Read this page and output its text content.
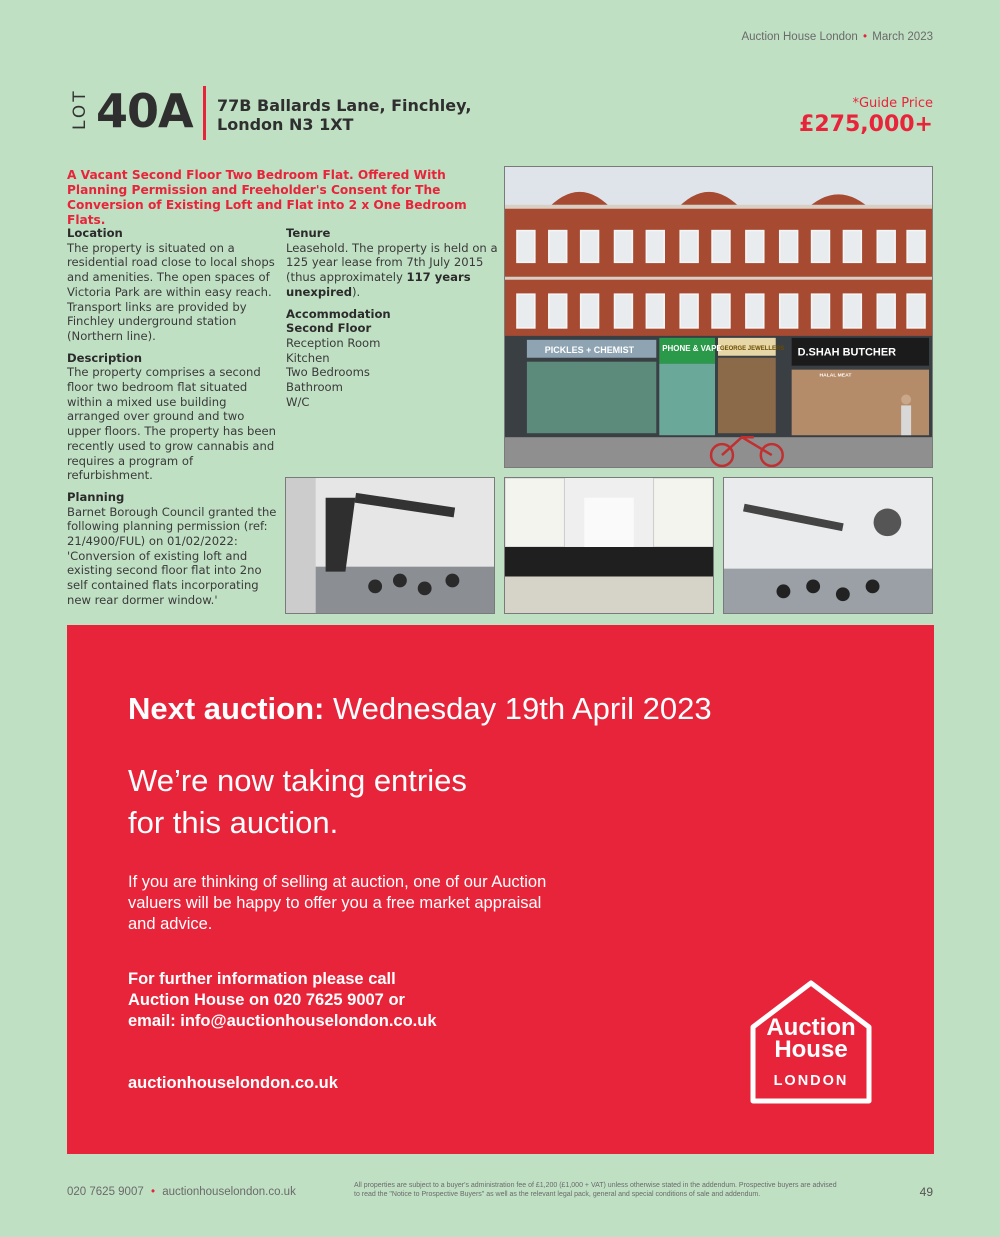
Auction House London • March 2023
LOT 40A 77B Ballards Lane, Finchley,
London N3 1XT
*Guide Price
£275,000+
A Vacant Second Floor Two Bedroom Flat. Offered With Planning Permission and Freeholder's Consent for The Conversion of Existing Loft and Flat into 2 x One Bedroom Flats.
Location
The property is situated on a residential road close to local shops and amenities. The open spaces of Victoria Park are within easy reach. Transport links are provided by Finchley underground station (Northern line).
Description
The property comprises a second floor two bedroom flat situated within a mixed use building arranged over ground and two upper floors. The property has been recently used to grow cannabis and requires a program of refurbishment.
Planning
Barnet Borough Council granted the following planning permission (ref: 21/4900/FUL) on 01/02/2022: 'Conversion of existing loft and existing second floor flat into 2no self contained flats incorporating new rear dormer window.'
Tenure
Leasehold. The property is held on a 125 year lease from 7th July 2015 (thus approximately 117 years unexpired).
Accommodation
Second Floor
Reception Room
Kitchen
Two Bedrooms
Bathroom
W/C
PICKLES + CHEMIST	PHONE & VAPE
GEORGE JEWELLERS D.SHAH BUTCHER
HALAL MEAT
Next auction: Wednesday 19th April 2023
We’re now taking entries
for this auction.
If you are thinking of selling at auction, one of our Auction valuers will be happy to offer you a free market appraisal and advice.
For further information please call
Auction House on 020 7625 9007 or
email: info@auctionhouselondon.co.uk
auctionhouselondon.co.uk
Auction
House
LONDON
020 7625 9007 • auctionhouselondon.co.uk
All properties are subject to a buyer's administration fee of £1,200 (£1,000 + VAT) unless otherwise stated in the addendum. Prospective buyers are advised to read the "Notice to Prospective Buyers" as well as the relevant legal pack, general and special conditions of sale and addendum.	49
